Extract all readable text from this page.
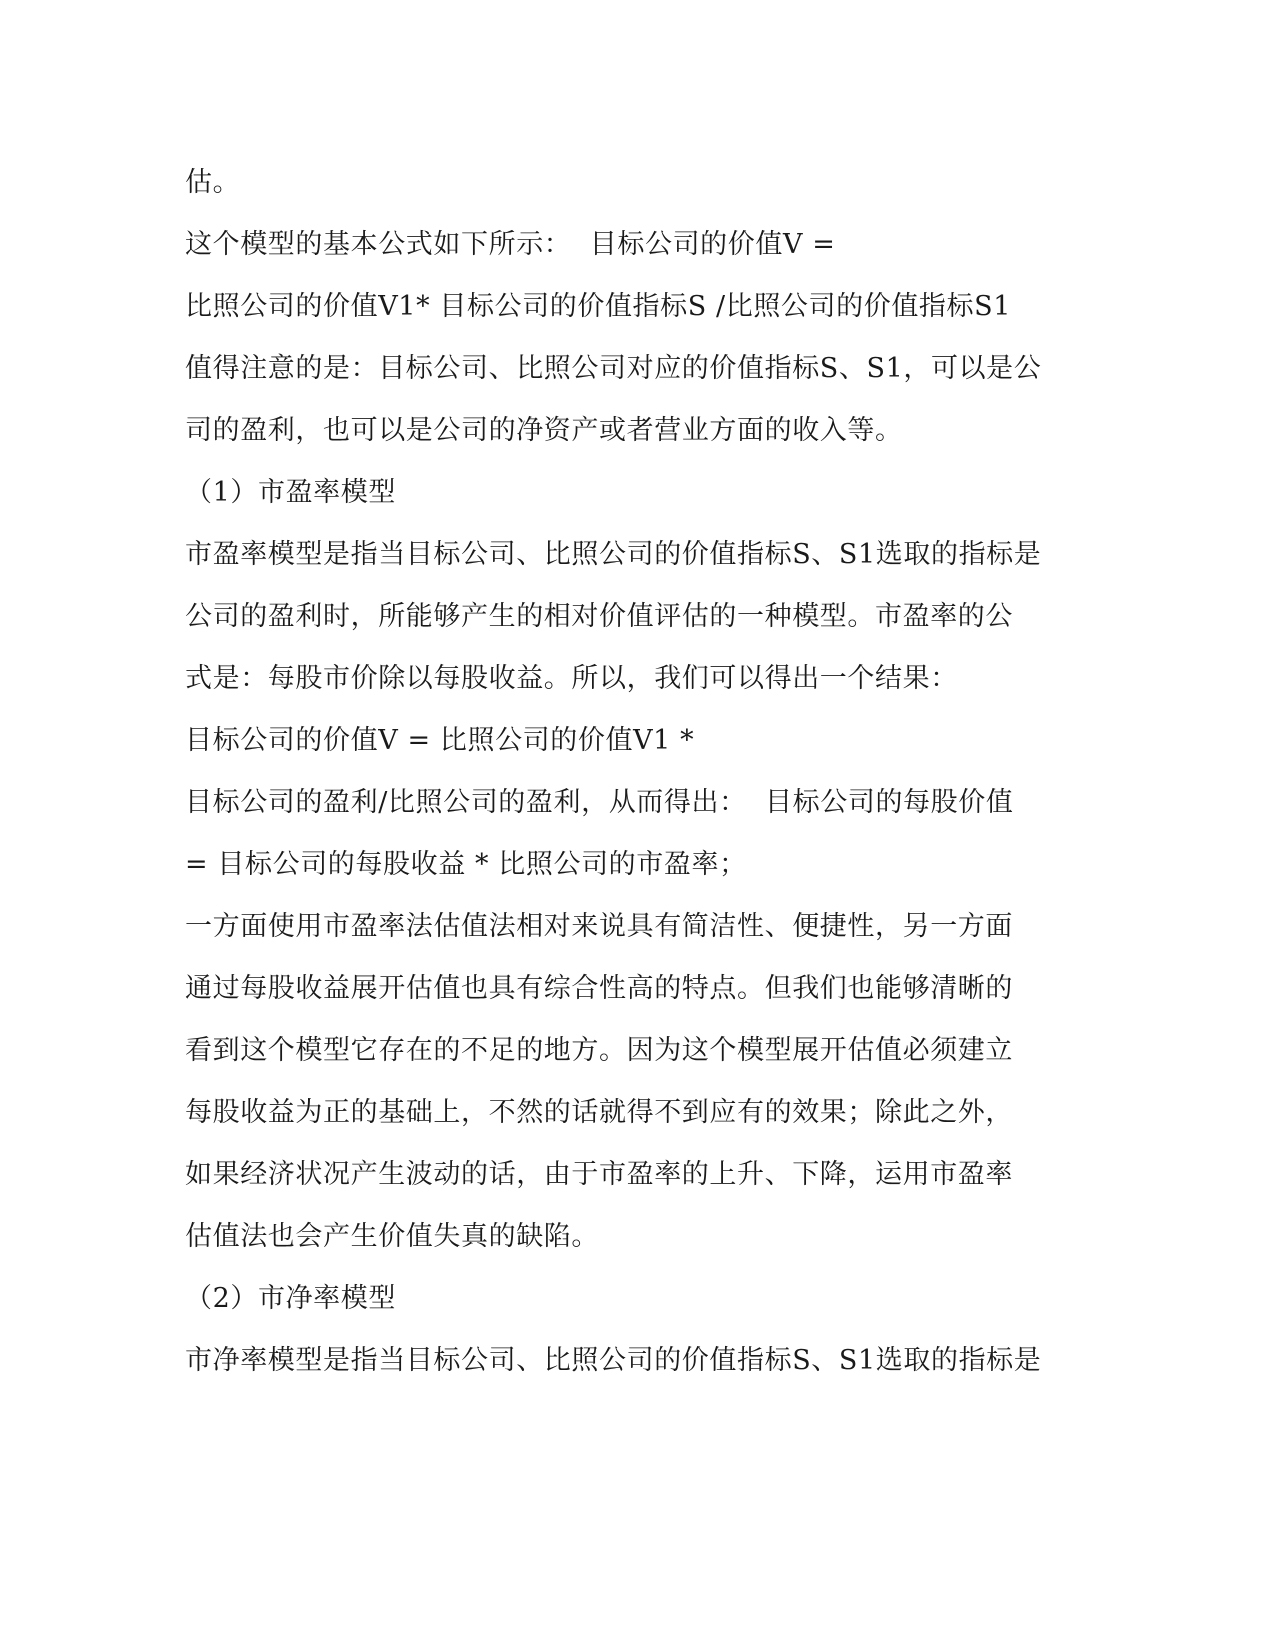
估。
这个模型的基本公式如下所示：  目标公司的价值V =
比照公司的价值V1* 目标公司的价值指标S /比照公司的价值指标S1
值得注意的是：目标公司、比照公司对应的价值指标S、S1，可以是公
司的盈利，也可以是公司的净资产或者营业方面的收入等。
（1）市盈率模型
市盈率模型是指当目标公司、比照公司的价值指标S、S1选取的指标是
公司的盈利时，所能够产生的相对价值评估的一种模型。市盈率的公
式是：每股市价除以每股收益。所以，我们可以得出一个结果：
目标公司的价值V = 比照公司的价值V1 *
目标公司的盈利/比照公司的盈利，从而得出：  目标公司的每股价值
= 目标公司的每股收益 * 比照公司的市盈率；
一方面使用市盈率法估值法相对来说具有简洁性、便捷性，另一方面
通过每股收益展开估值也具有综合性高的特点。但我们也能够清晰的
看到这个模型它存在的不足的地方。因为这个模型展开估值必须建立
每股收益为正的基础上，不然的话就得不到应有的效果；除此之外，
如果经济状况产生波动的话，由于市盈率的上升、下降，运用市盈率
估值法也会产生价值失真的缺陷。
（2）市净率模型
市净率模型是指当目标公司、比照公司的价值指标S、S1选取的指标是
